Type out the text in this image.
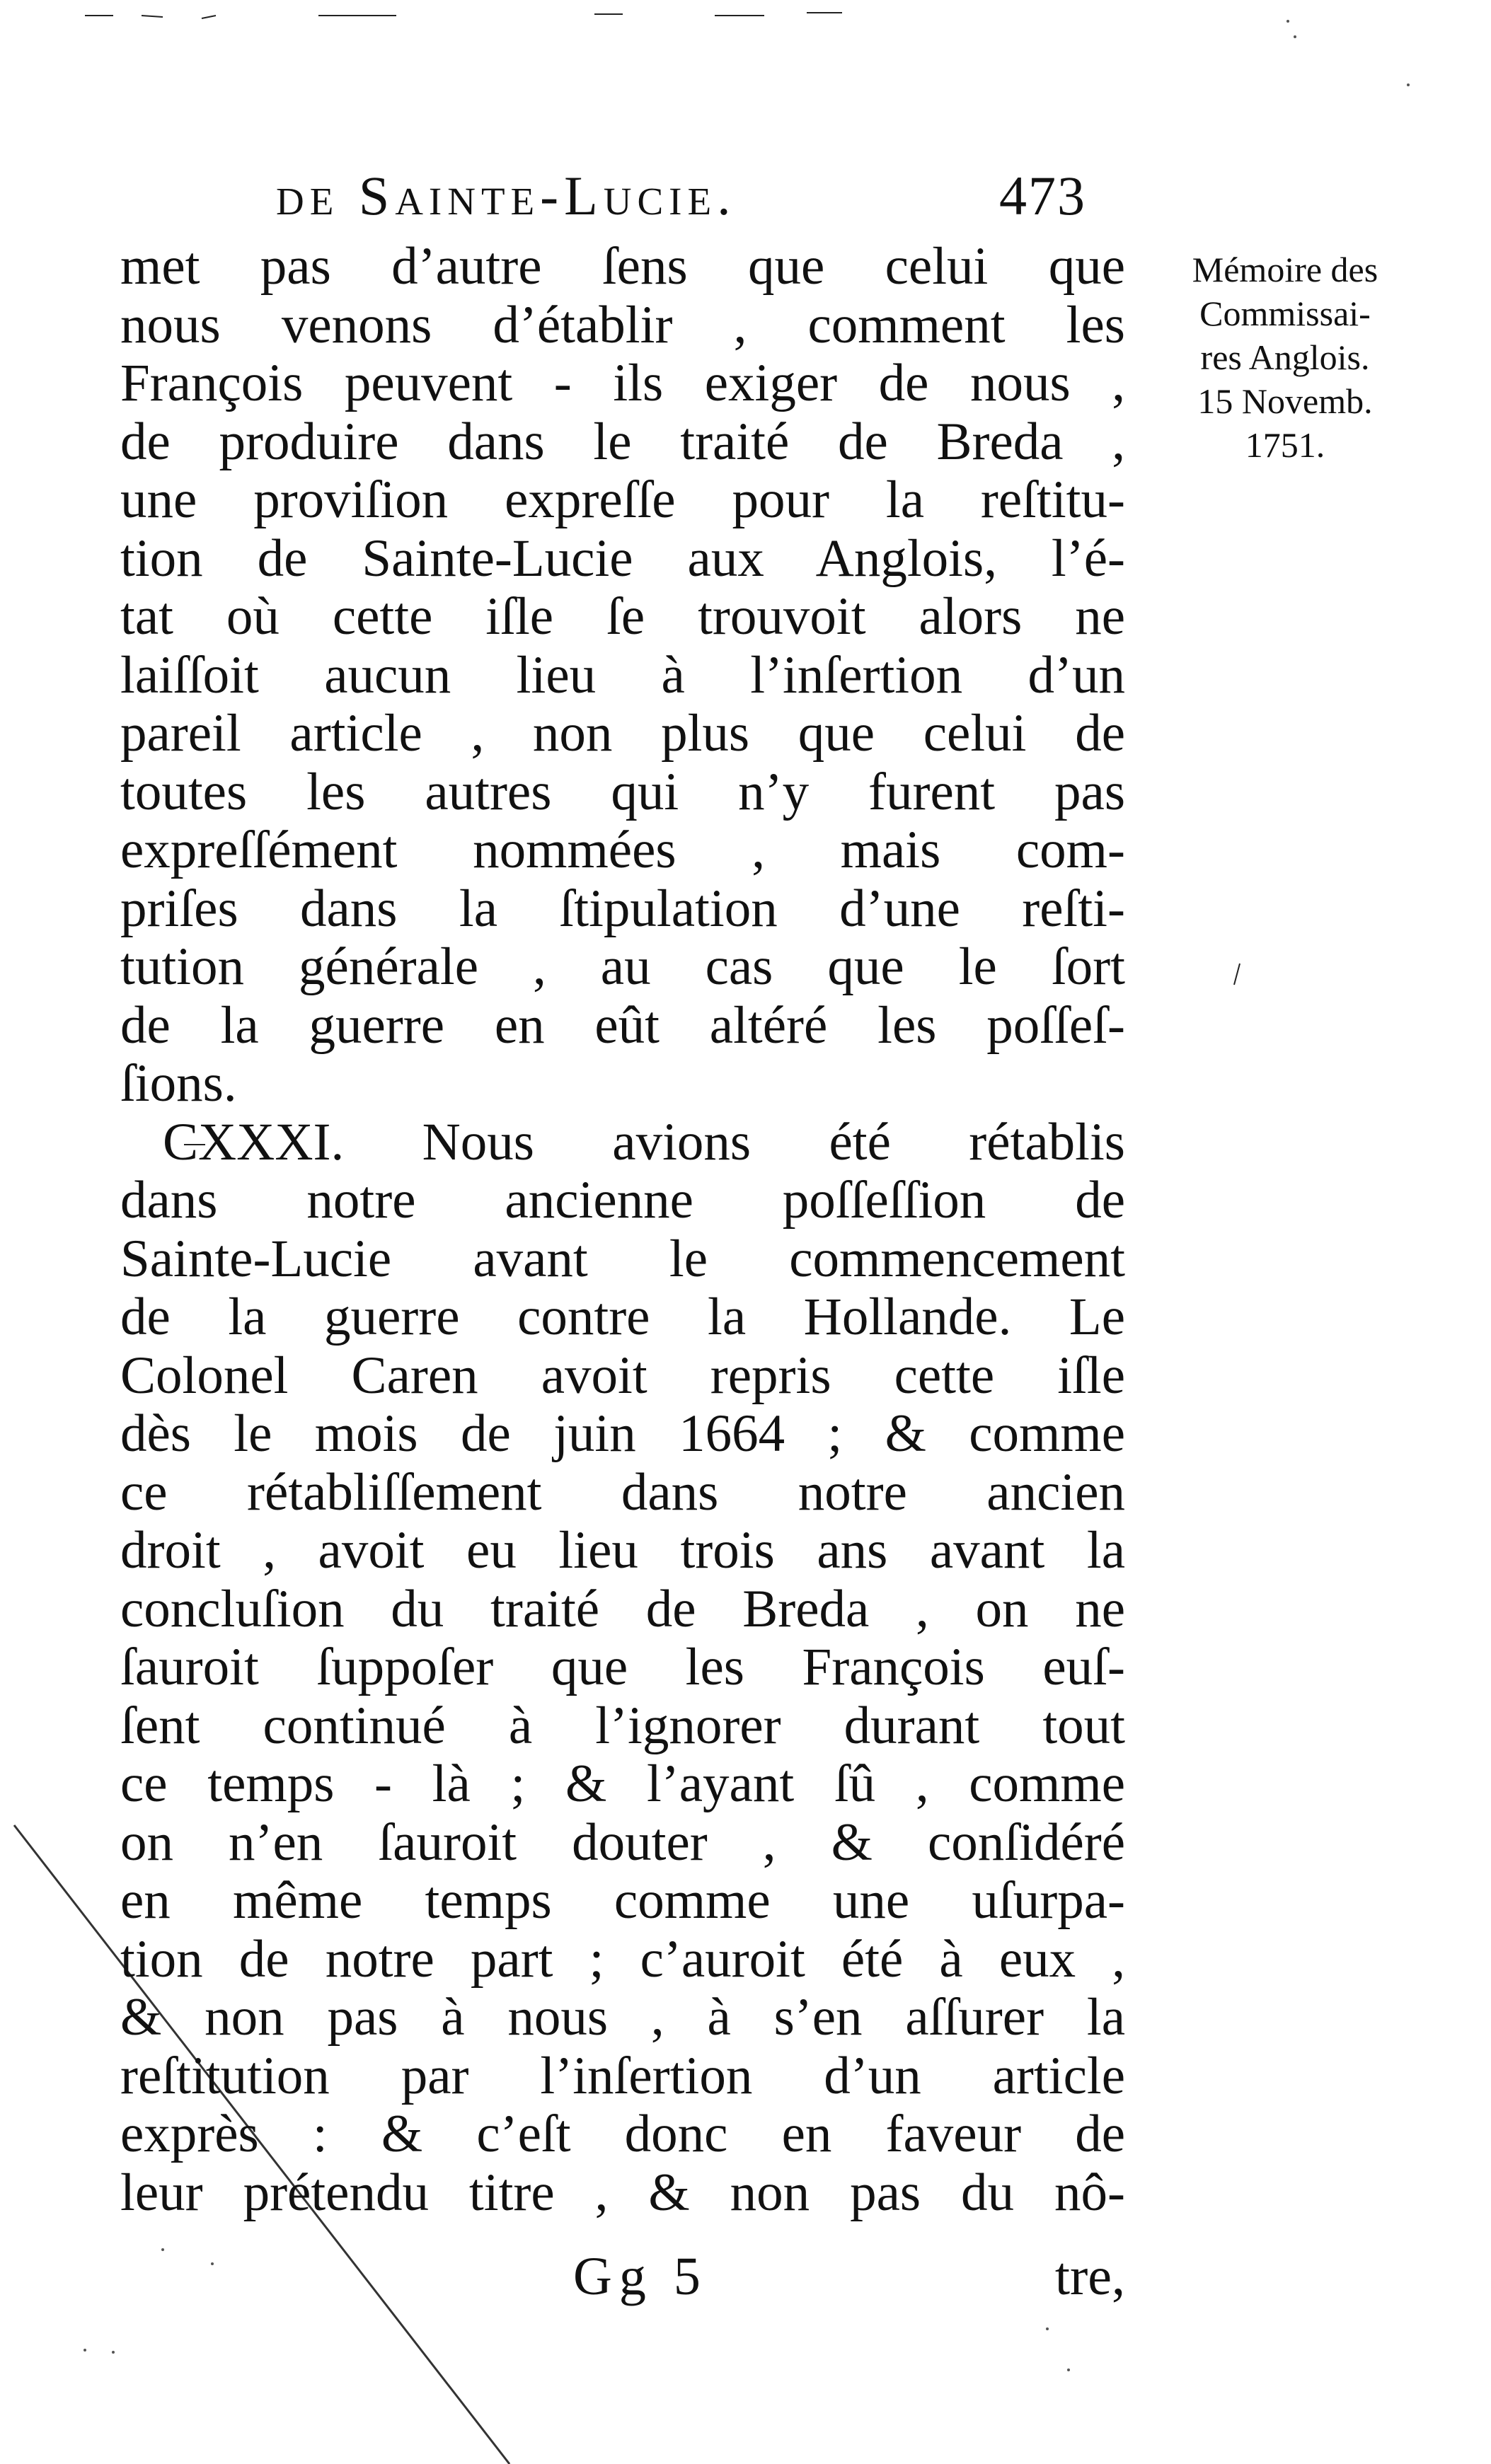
de Sainte-Lucie.	473
Mémoire des
Commissai-
res Anglois.
15 Novemb.
1751.
met pas d’autre ſens que celui que
nous venons d’établir , comment les
François peuvent - ils exiger de nous ,
de produire dans le traité de Breda ,
une proviſion expreſſe pour la reſtitu-
tion de Sainte-Lucie aux Anglois, l’é-
tat où cette iſle ſe trouvoit alors ne
laiſſoit aucun lieu à l’inſertion d’un
pareil article , non plus que celui de
toutes les autres qui n’y furent pas
expreſſément nommées , mais com-
priſes dans la ſtipulation d’une reſti-
tution générale , au cas que le ſort
de la guerre en eût altéré les poſſeſ-
ſions.
CXXXI. Nous avions été rétablis
dans notre ancienne poſſeſſion de
Sainte-Lucie avant le commencement
de la guerre contre la Hollande. Le
Colonel Caren avoit repris cette iſle
dès le mois de juin 1664 ; & comme
ce rétabliſſement dans notre ancien
droit , avoit eu lieu trois ans avant la
concluſion du traité de Breda , on ne
ſauroit ſuppoſer que les François euſ-
ſent continué à l’ignorer durant tout
ce temps - là ; & l’ayant ſû , comme
on n’en ſauroit douter , & conſidéré
en même temps comme une uſurpa-
tion de notre part ; c’auroit été à eux ,
& non pas à nous , à s’en aſſurer la
reſtitution par l’inſertion d’un article
exprès : & c’eſt donc en faveur de
leur prétendu titre , & non pas du nô-
Gg 5	tre,
